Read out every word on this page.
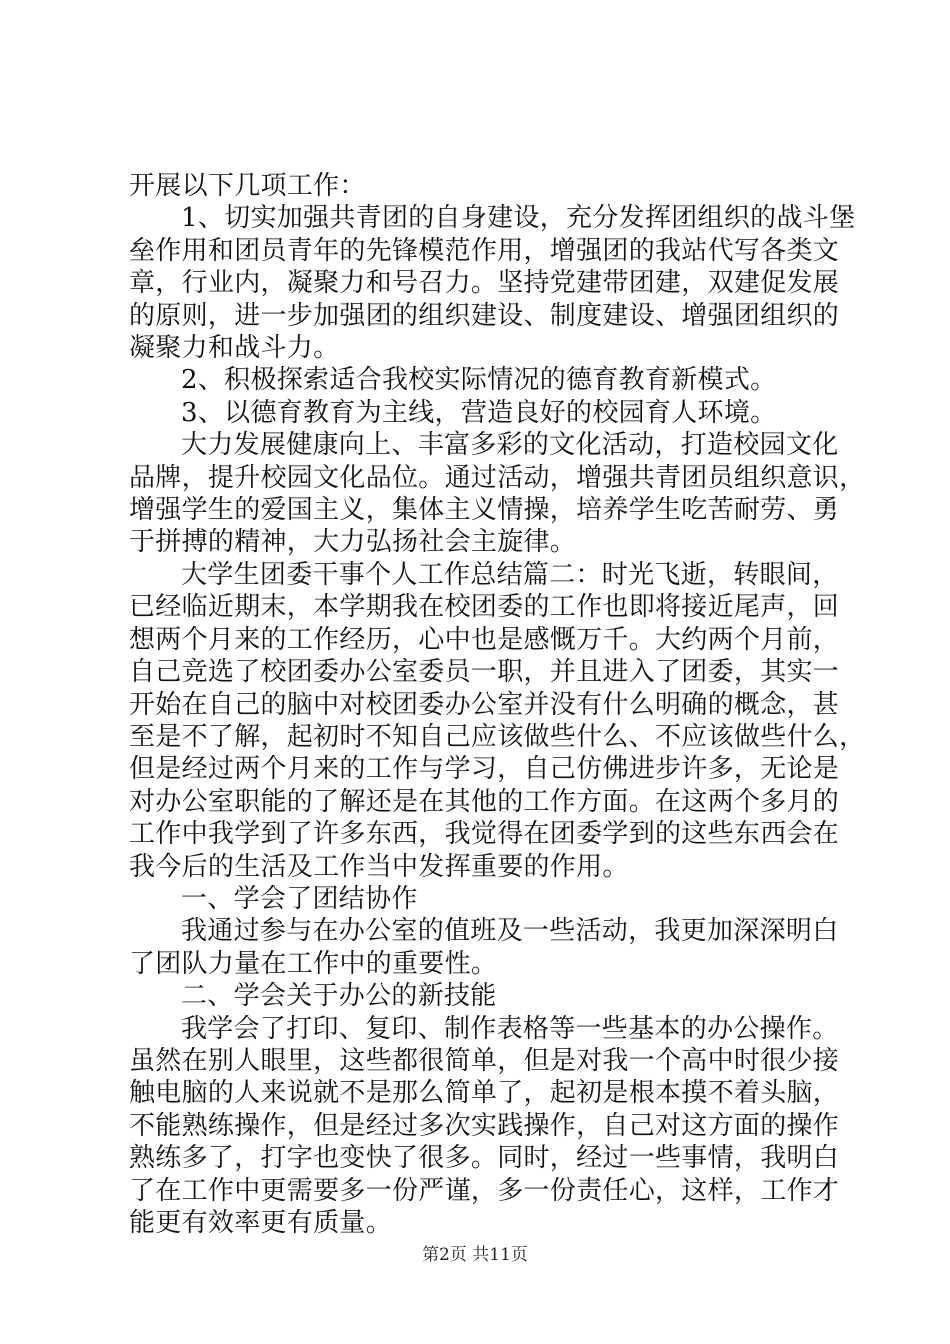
开展以下几项工作：
1、切实加强共青团的自身建设，充分发挥团组织的战斗堡
垒作用和团员青年的先锋模范作用，增强团的我站代写各类文
章，行业内，凝聚力和号召力。坚持党建带团建，双建促发展
的原则，进一步加强团的组织建设、制度建设、增强团组织的
凝聚力和战斗力。
2、积极探索适合我校实际情况的德育教育新模式。
3、以德育教育为主线，营造良好的校园育人环境。
大力发展健康向上、丰富多彩的文化活动，打造校园文化
品牌，提升校园文化品位。通过活动，增强共青团员组织意识，
增强学生的爱国主义，集体主义情操，培养学生吃苦耐劳、勇
于拼搏的精神，大力弘扬社会主旋律。
大学生团委干事个人工作总结篇二：时光飞逝，转眼间，
已经临近期末，本学期我在校团委的工作也即将接近尾声，回
想两个月来的工作经历，心中也是感慨万千。大约两个月前，
自己竞选了校团委办公室委员一职，并且进入了团委，其实一
开始在自己的脑中对校团委办公室并没有什么明确的概念，甚
至是不了解，起初时不知自己应该做些什么、不应该做些什么，
但是经过两个月来的工作与学习，自己仿佛进步许多，无论是
对办公室职能的了解还是在其他的工作方面。在这两个多月的
工作中我学到了许多东西，我觉得在团委学到的这些东西会在
我今后的生活及工作当中发挥重要的作用。
一、学会了团结协作
我通过参与在办公室的值班及一些活动，我更加深深明白
了团队力量在工作中的重要性。
二、学会关于办公的新技能
我学会了打印、复印、制作表格等一些基本的办公操作。
虽然在别人眼里，这些都很简单，但是对我一个高中时很少接
触电脑的人来说就不是那么简单了，起初是根本摸不着头脑，
不能熟练操作，但是经过多次实践操作，自己对这方面的操作
熟练多了，打字也变快了很多。同时，经过一些事情，我明白
了在工作中更需要多一份严谨，多一份责任心，这样，工作才
能更有效率更有质量。
第2页 共11页
